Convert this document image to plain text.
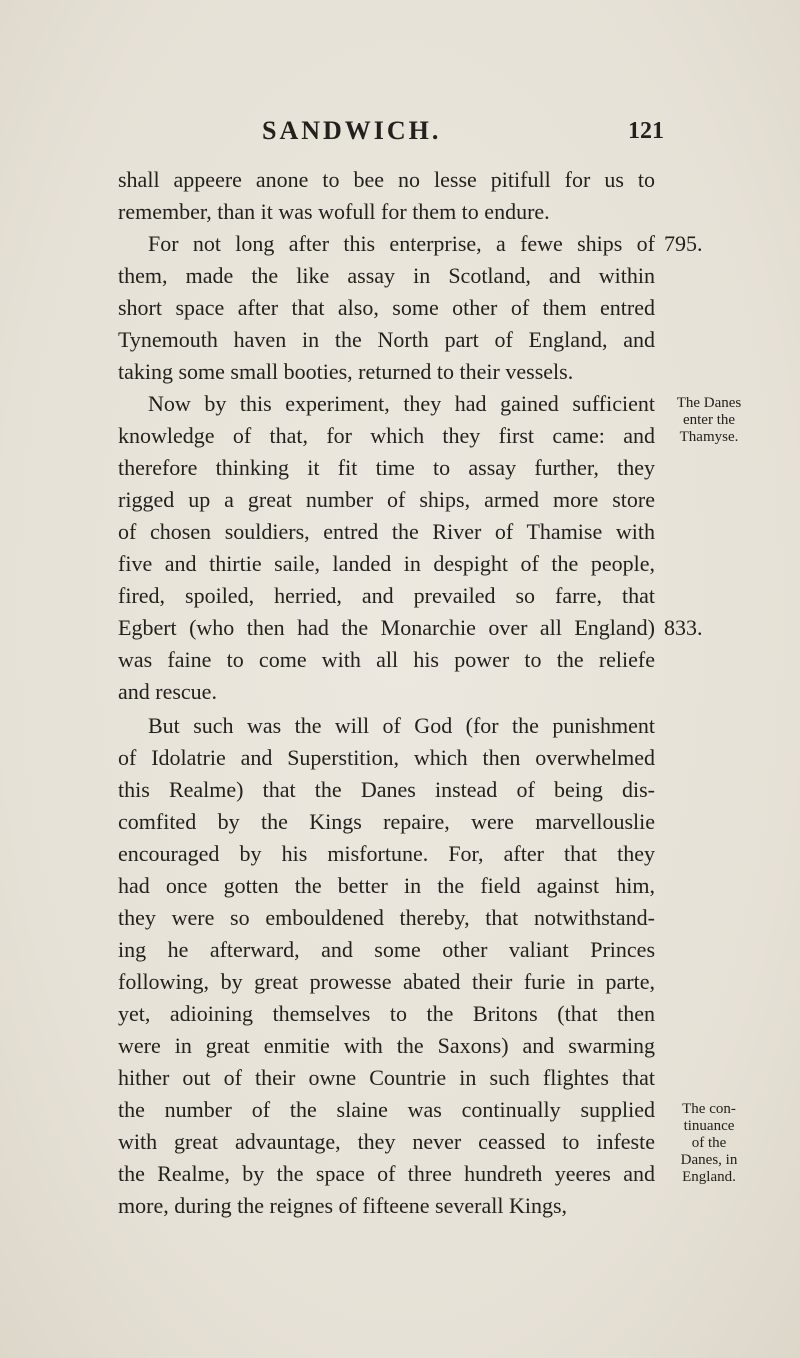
SANDWICH.	121
shall appeere anone to bee no lesse pitifull for us to
remember, than it was wofull for them to endure.
For not long after this enterprise, a fewe ships of
them, made the like assay in Scotland, and within
short space after that also, some other of them entred
Tynemouth haven in the North part of England, and
taking some small booties, returned to their vessels.
Now by this experiment, they had gained sufficient
knowledge of that, for which they first came: and
therefore thinking it fit time to assay further, they
rigged up a great number of ships, armed more store
of chosen souldiers, entred the River of Thamise with
five and thirtie saile, landed in despight of the people,
fired, spoiled, herried, and prevailed so farre, that
Egbert (who then had the Monarchie over all England)
was faine to come with all his power to the reliefe
and rescue.
But such was the will of God (for the punishment
of Idolatrie and Superstition, which then overwhelmed
this Realme) that the Danes instead of being dis-
comfited by the Kings repaire, were marvellouslie
encouraged by his misfortune. For, after that they
had once gotten the better in the field against him,
they were so embouldened thereby, that notwithstand-
ing he afterward, and some other valiant Princes
following, by great prowesse abated their furie in parte,
yet, adioining themselves to the Britons (that then
were in great enmitie with the Saxons) and swarming
hither out of their owne Countrie in such flightes that
the number of the slaine was continually supplied
with great advauntage, they never ceassed to infeste
the Realme, by the space of three hundreth yeeres and
more, during the reignes of fifteene severall Kings,
795.
833.
The Danes
enter the
Thamyse.
The con-
tinuance
of the
Danes, in
England.
